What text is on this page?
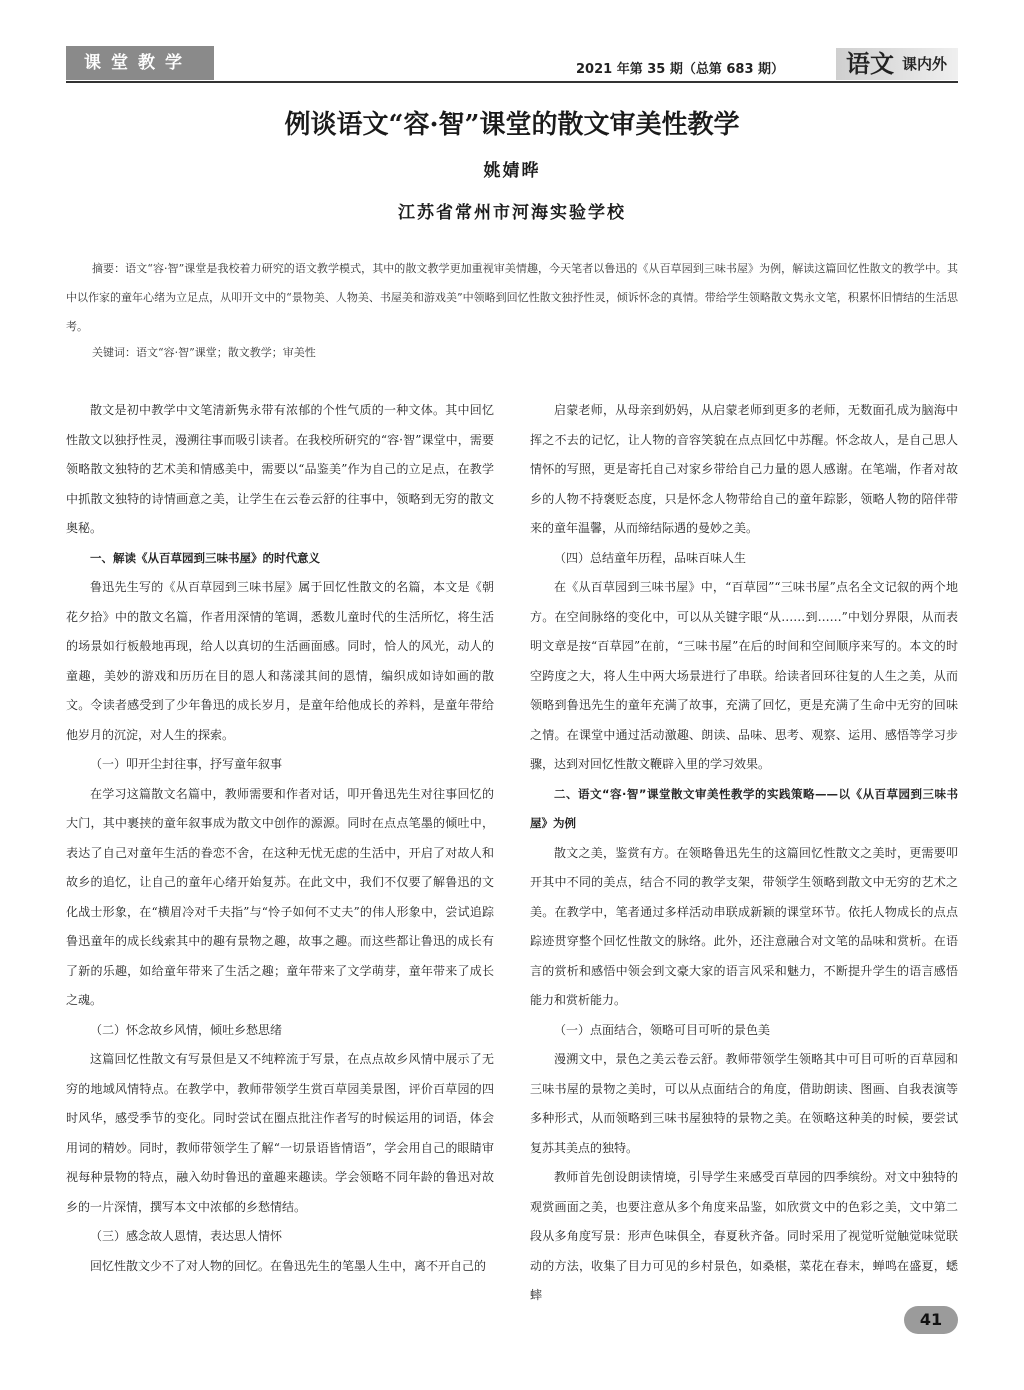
课堂教学	2021 年第 35 期（总第 683 期）	语文 课内外
例谈语文“容·智”课堂的散文审美性教学
姚婧晔
江苏省常州市河海实验学校
摘要：语文“容·智”课堂是我校着力研究的语文教学模式，其中的散文教学更加重视审美情趣，今天笔者以鲁迅的《从百草园到三味书屋》为例，解读这篇回忆性散文的教学中。其中以作家的童年心绪为立足点，从叩开文中的“景物美、人物美、书屋美和游戏美”中领略到回忆性散文独抒性灵，倾诉怀念的真情。带给学生领略散文隽永文笔，积累怀旧情结的生活思考。
关键词：语文“容·智”课堂；散文教学；审美性

散文是初中教学中文笔清新隽永带有浓郁的个性气质的一种文体。其中回忆性散文以独抒性灵，漫溯往事而吸引读者。在我校所研究的“容·智”课堂中，需要领略散文独特的艺术美和情感美中，需要以“品鉴美”作为自己的立足点，在教学中抓散文独特的诗情画意之美，让学生在云卷云舒的往事中，领略到无穷的散文奥秘。

一、解读《从百草园到三味书屋》的时代意义

鲁迅先生写的《从百草园到三味书屋》属于回忆性散文的名篇，本文是《朝花夕拾》中的散文名篇，作者用深情的笔调，悉数儿童时代的生活所忆，将生活的场景如行板般地再现，给人以真切的生活画面感。同时，恰人的风光，动人的童趣，美妙的游戏和历历在目的恩人和荡漾其间的恩情，编织成如诗如画的散文。令读者感受到了少年鲁迅的成长岁月，是童年给他成长的养料，是童年带给他岁月的沉淀，对人生的探索。

（一）叩开尘封往事，抒写童年叙事

在学习这篇散文名篇中，教师需要和作者对话，叩开鲁迅先生对往事回忆的大门，其中裹挟的童年叙事成为散文中创作的源源。同时在点点笔墨的倾吐中，表达了自己对童年生活的眷恋不舍，在这种无忧无虑的生活中，开启了对故人和故乡的追忆，让自己的童年心绪开始复苏。在此文中，我们不仅要了解鲁迅的文化战士形象，在“横眉冷对千夫指”与“怜子如何不丈夫”的伟人形象中，尝试追踪鲁迅童年的成长线索其中的趣有景物之趣，故事之趣。而这些都让鲁迅的成长有了新的乐趣，如给童年带来了生活之趣；童年带来了文学萌芽，童年带来了成长之魂。

（二）怀念故乡风情，倾吐乡愁思绪

这篇回忆性散文有写景但是又不纯粹流于写景，在点点故乡风情中展示了无穷的地域风情特点。在教学中，教师带领学生赏百草园美景图，评价百草园的四时风华，感受季节的变化。同时尝试在圈点批注作者写的时候运用的词语，体会用词的精妙。同时，教师带领学生了解“一切景语皆情语”，学会用自己的眼睛审视每种景物的特点，融入幼时鲁迅的童趣来趣读。学会领略不同年龄的鲁迅对故乡的一片深情，撰写本文中浓郁的乡愁情结。

（三）感念故人恩情，表达思人情怀

回忆性散文少不了对人物的回忆。在鲁迅先生的笔墨人生中，离不开自己的

启蒙老师，从母亲到奶妈，从启蒙老师到更多的老师，无数面孔成为脑海中挥之不去的记忆，让人物的音容笑貌在点点回忆中苏醒。怀念故人，是自己思人情怀的写照，更是寄托自己对家乡带给自己力量的恩人感谢。在笔端，作者对故乡的人物不持褒贬态度，只是怀念人物带给自己的童年踪影，领略人物的陪伴带来的童年温馨，从而缔结际遇的曼妙之美。

（四）总结童年历程，品味百味人生

在《从百草园到三味书屋》中，“百草园”“三味书屋”点名全文记叙的两个地方。在空间脉络的变化中，可以从关键字眼“从……到……”中划分界限，从而表明文章是按“百草园”在前，“三味书屋”在后的时间和空间顺序来写的。本文的时空跨度之大，将人生中两大场景进行了串联。给读者回环往复的人生之美，从而领略到鲁迅先生的童年充满了故事，充满了回忆，更是充满了生命中无穷的回味之情。在课堂中通过活动激趣、朗读、品味、思考、观察、运用、感悟等学习步骤，达到对回忆性散文鞭辟入里的学习效果。

二、语文“容·智”课堂散文审美性教学的实践策略——以《从百草园到三味书屋》为例

散文之美，鉴赏有方。在领略鲁迅先生的这篇回忆性散文之美时，更需要叩开其中不同的美点，结合不同的教学支架，带领学生领略到散文中无穷的艺术之美。在教学中，笔者通过多样活动串联成新颖的课堂环节。依托人物成长的点点踪迹贯穿整个回忆性散文的脉络。此外，还注意融合对文笔的品味和赏析。在语言的赏析和感悟中领会到文豪大家的语言风采和魅力，不断提升学生的语言感悟能力和赏析能力。

（一）点面结合，领略可目可听的景色美

漫溯文中，景色之美云卷云舒。教师带领学生领略其中可目可听的百草园和三味书屋的景物之美时，可以从点面结合的角度，借助朗读、图画、自我表演等多种形式，从而领略到三味书屋独特的景物之美。在领略这种美的时候，要尝试复苏其美点的独特。

教师首先创设朗读情境，引导学生来感受百草园的四季缤纷。对文中独特的观赏画面之美，也要注意从多个角度来品鉴，如欣赏文中的色彩之美，文中第二段从多角度写景：形声色味俱全，春夏秋齐备。同时采用了视觉听觉触觉味觉联动的方法，收集了目力可见的乡村景色，如桑椹，菜花在春末，蝉鸣在盛夏，蟋蟀

41
